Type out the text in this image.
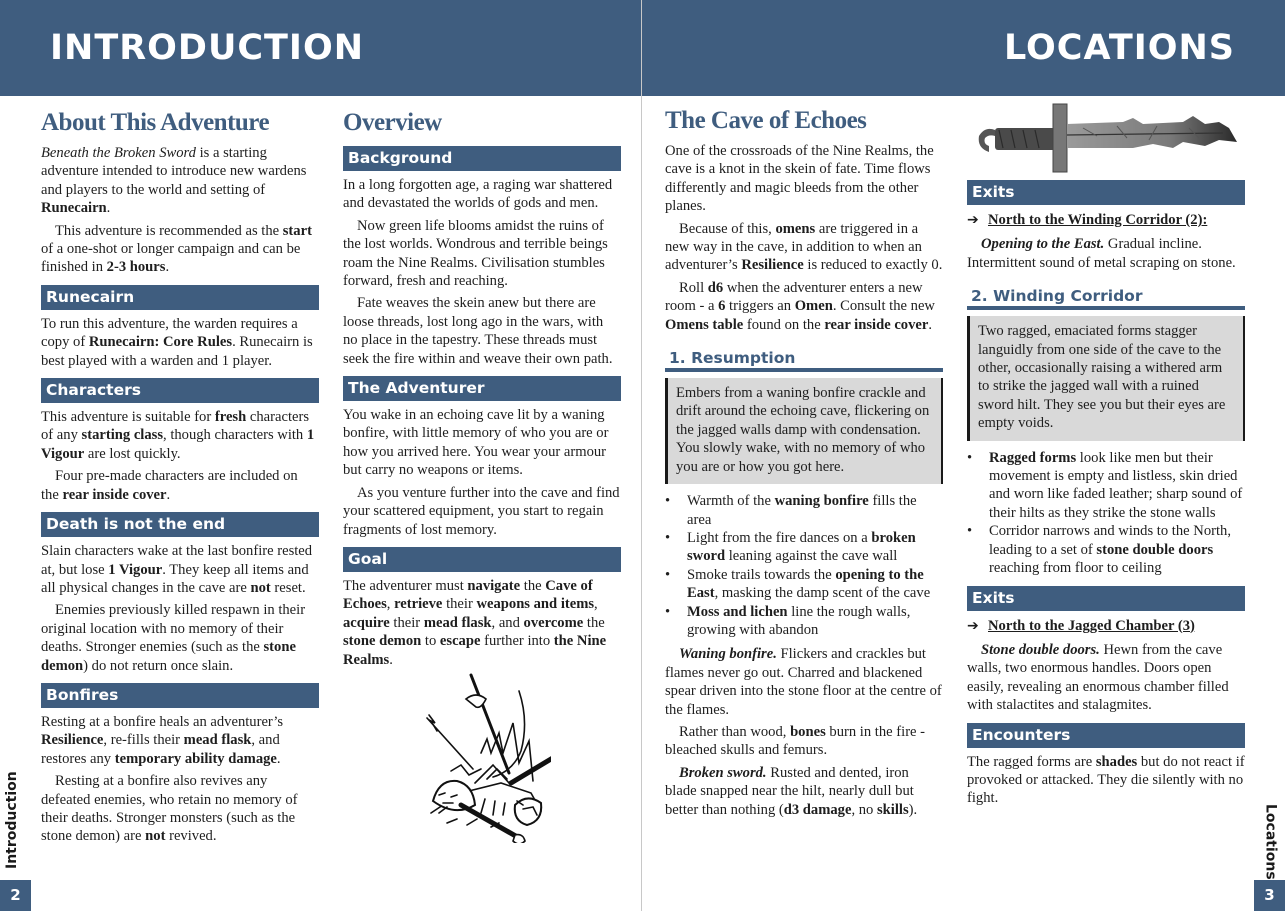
INTRODUCTION
About This Adventure

Beneath the Broken Sword is a starting adventure intended to introduce new wardens and players to the world and setting of Runecairn.

This adventure is recommended as the start of a one-shot or longer campaign and can be finished in 2-3 hours.

Runecairn

To run this adventure, the warden requires a copy of Runecairn: Core Rules. Runecairn is best played with a warden and 1 player.

Characters

This adventure is suitable for fresh characters of any starting class, though characters with 1 Vigour are lost quickly.

Four pre-made characters are included on the rear inside cover.

Death is not the end

Slain characters wake at the last bonfire rested at, but lose 1 Vigour. They keep all items and all physical changes in the cave are not reset.

Enemies previously killed respawn in their original location with no memory of their deaths. Stronger enemies (such as the stone demon) do not return once slain.

Bonfires

Resting at a bonfire heals an adventurer’s Resilience, re-fills their mead flask, and restores any temporary ability damage.

Resting at a bonfire also revives any defeated enemies, who retain no memory of their deaths. Stronger monsters (such as the stone demon) are not revived.

Overview
Background

In a long forgotten age, a raging war shattered and devastated the worlds of gods and men.

Now green life blooms amidst the ruins of the lost worlds. Wondrous and terrible beings roam the Nine Realms. Civilisation stumbles forward, fresh and reaching.

Fate weaves the skein anew but there are loose threads, lost long ago in the wars, with no place in the tapestry. These threads must seek the fire within and weave their own path.

The Adventurer

You wake in an echoing cave lit by a waning bonfire, with little memory of who you are or how you arrived here. You wear your armour but carry no weapons or items.

As you venture further into the cave and find your scattered equipment, you start to regain fragments of lost memory.

Goal

The adventurer must navigate the Cave of Echoes, retrieve their weapons and items, acquire their mead flask, and overcome the stone demon to escape further into the Nine Realms.

Introduction
2
LOCATIONS
The Cave of Echoes

One of the crossroads of the Nine Realms, the cave is a knot in the skein of fate. Time flows differently and magic bleeds from the other planes.

Because of this, omens are triggered in a new way in the cave, in addition to when an adventurer’s Resilience is reduced to exactly 0.

Roll d6 when the adventurer enters a new room - a 6 triggers an Omen. Consult the new Omens table found on the rear inside cover.

1. Resumption
Embers from a waning bonfire crackle and drift around the echoing cave, flickering on the jagged walls damp with condensation. You slowly wake, with no memory of who you are or how you got here.
• Warmth of the waning bonfire fills the area
• Light from the fire dances on a broken sword leaning against the cave wall
• Smoke trails towards the opening to the East, masking the damp scent of the cave
• Moss and lichen line the rough walls, growing with abandon

Waning bonfire. Flickers and crackles but flames never go out. Charred and blackened spear driven into the stone floor at the centre of the flames.

Rather than wood, bones burn in the fire - bleached skulls and femurs.

Broken sword. Rusted and dented, iron blade snapped near the hilt, nearly dull but better than nothing (d3 damage, no skills).

Exits
➔ North to the Winding Corridor (2):

Opening to the East. Gradual incline. Intermittent sound of metal scraping on stone.

2. Winding Corridor
Two ragged, emaciated forms stagger languidly from one side of the cave to the other, occasionally raising a withered arm to strike the jagged wall with a ruined sword hilt. They see you but their eyes are empty voids.
• Ragged forms look like men but their movement is empty and listless, skin dried and worn like faded leather; sharp sound of their hilts as they strike the stone walls
• Corridor narrows and winds to the North, leading to a set of stone double doors reaching from floor to ceiling
Exits
➔ North to the Jagged Chamber (3)

Stone double doors. Hewn from the cave walls, two enormous handles. Doors open easily, revealing an enormous chamber filled with stalactites and stalagmites.

Encounters

The ragged forms are shades but do not react if provoked or attacked. They die silently with no fight.

Locations
3
